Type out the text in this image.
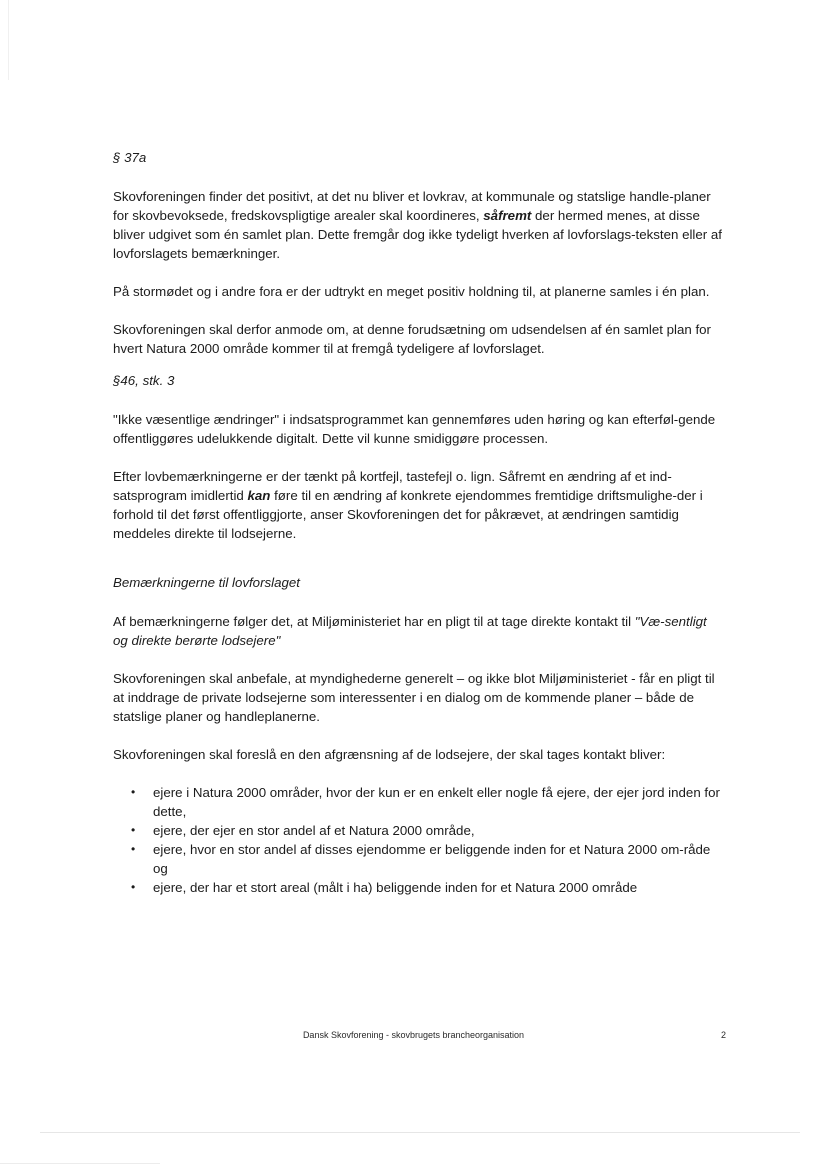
§ 37a

Skovforeningen finder det positivt, at det nu bliver et lovkrav, at kommunale og statslige handle-planer for skovbevoksede, fredskovspligtige arealer skal koordineres, såfremt der hermed menes, at disse bliver udgivet som én samlet plan. Dette fremgår dog ikke tydeligt hverken af lovforslags-teksten eller af lovforslagets bemærkninger.

På stormødet og i andre fora er der udtrykt en meget positiv holdning til, at planerne samles i én plan.

Skovforeningen skal derfor anmode om, at denne forudsætning om udsendelsen af én samlet plan for hvert Natura 2000 område kommer til at fremgå tydeligere af lovforslaget.

§46, stk. 3

"Ikke væsentlige ændringer" i indsatsprogrammet kan gennemføres uden høring og kan efterføl-gende offentliggøres udelukkende digitalt. Dette vil kunne smidiggøre processen.

Efter lovbemærkningerne er der tænkt på kortfejl, tastefejl o. lign. Såfremt en ændring af et ind-satsprogram imidlertid kan føre til en ændring af konkrete ejendommes fremtidige driftsmulighe-der i forhold til det først offentliggjorte, anser Skovforeningen det for påkrævet, at ændringen samtidig meddeles direkte til lodsejerne.

Bemærkningerne til lovforslaget

Af bemærkningerne følger det, at Miljøministeriet har en pligt til at tage direkte kontakt til "Væ-sentligt og direkte berørte lodsejere"

Skovforeningen skal anbefale, at myndighederne generelt – og ikke blot Miljøministeriet - får en pligt til at inddrage de private lodsejerne som interessenter i en dialog om de kommende planer – både de statslige planer og handleplanerne.

Skovforeningen skal foreslå en den afgrænsning af de lodsejere, der skal tages kontakt bliver:

• ejere i Natura 2000 områder, hvor der kun er en enkelt eller nogle få ejere, der ejer jord inden for dette,
• ejere, der ejer en stor andel af et Natura 2000 område,
• ejere, hvor en stor andel af disses ejendomme er beliggende inden for et Natura 2000 om-råde og
• ejere, der har et stort areal (målt i ha) beliggende inden for et Natura 2000 område
Dansk Skovforening - skovbrugets brancheorganisation	2
